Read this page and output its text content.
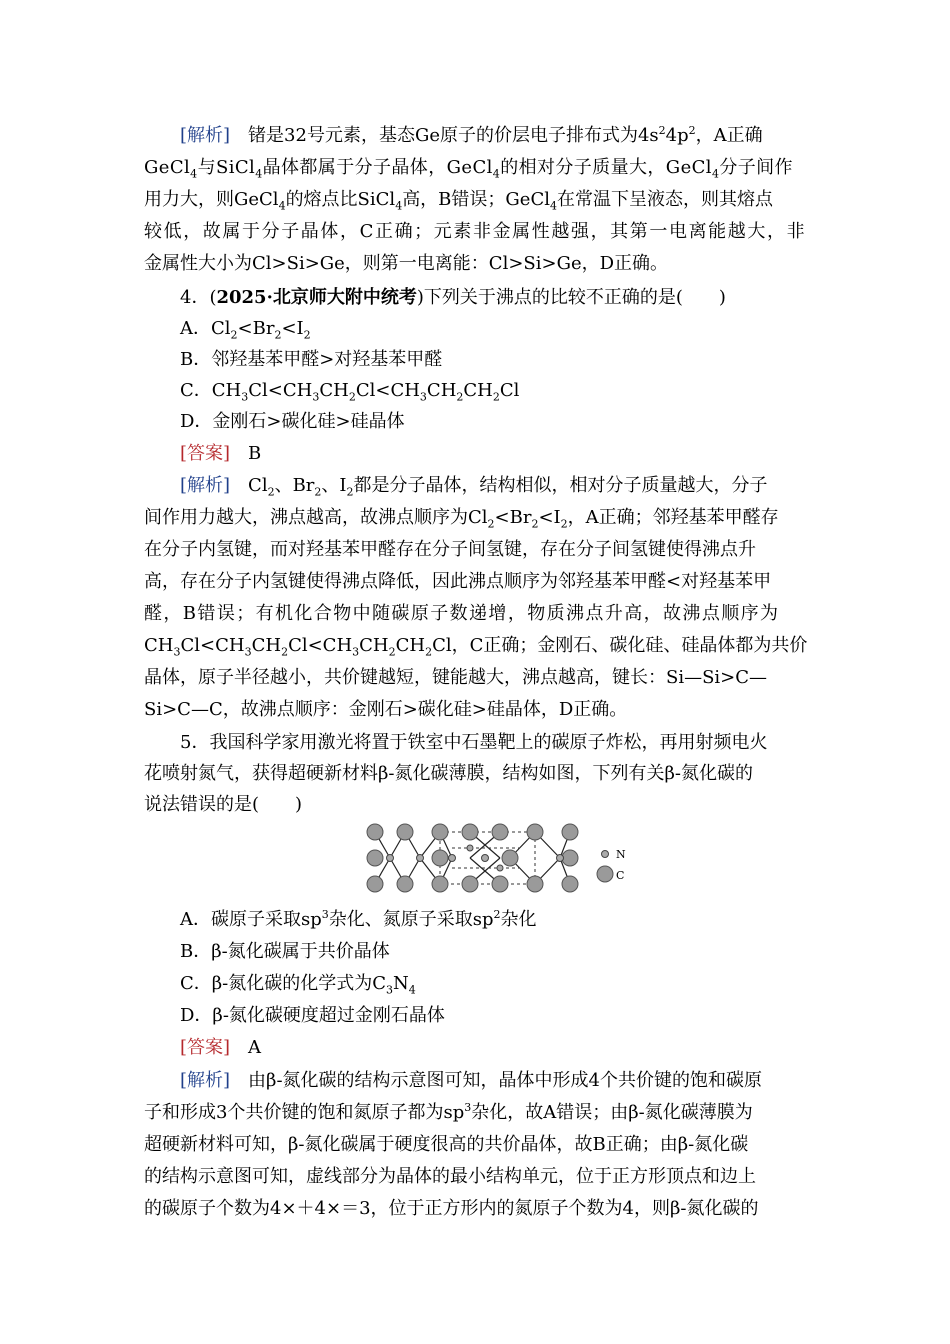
[解析]　 锗是32号元素，基态Ge原子的价层电子排布式为$4s^24p^2$，A正确
GeCl$_4$与SiCl$_4$晶体都属于分子晶体，GeCl$_4$的相对分子质量大，GeCl$_4$分子间作
用力大，则GeCl$_4$的熔点比SiCl$_4$高，B错误；GeCl$_4$在常温下呈液态，则其熔点
较低，故属于分子晶体，C正确；元素非金属性越强，其第一电离能越大，非
金属性大小为Cl>Si>Ge，则第一电离能：Cl>Si>Ge，D正确。
4．(2025·北京师大附中统考)下列关于沸点的比较不正确的是(　　)
A．$Cl_2<Br_2<I_2$
B．邻羟基苯甲醛>对羟基苯甲醛
C．$CH_3Cl<CH_3CH_2Cl<CH_3CH_2CH_2Cl$
D．金刚石>碳化硅>硅晶体
[答案]　 B
[解析]　 $Cl_2$、$Br_2$、$I_2$都是分子晶体，结构相似，相对分子质量越大，分子
间作用力越大，沸点越高，故沸点顺序为$Cl_2<Br_2<I_2$，A正确；邻羟基苯甲醛存
在分子内氢键，而对羟基苯甲醛存在分子间氢键，存在分子间氢键使得沸点升
高，存在分子内氢键使得沸点降低，因此沸点顺序为邻羟基苯甲醛<对羟基苯甲
醛，B错误；有机化合物中随碳原子数递增，物质沸点升高，故沸点顺序为
$CH_3Cl<CH_3CH_2Cl<CH_3CH_2CH_2Cl$，C正确；金刚石、碳化硅、硅晶体都为共价
晶体，原子半径越小，共价键越短，键能越大，沸点越高，键长：Si—Si>C—
Si>C—C，故沸点顺序：金刚石>碳化硅>硅晶体，D正确。
5．我国科学家用激光将置于铁室中石墨靶上的碳原子炸松，再用射频电火
花喷射氮气，获得超硬新材料β-氮化碳薄膜，结构如图，下列有关β-氮化碳的
说法错误的是(　　)
N
C
A．碳原子采取$sp^3$杂化、氮原子采取$sp^2$杂化
B．β-氮化碳属于共价晶体
C．β-氮化碳的化学式为$C_3N_4$
D．β-氮化碳硬度超过金刚石晶体
[答案]　 A
[解析]　 由β-氮化碳的结构示意图可知，晶体中形成4个共价键的饱和碳原
子和形成3个共价键的饱和氮原子都为$sp^3$杂化，故A错误；由β-氮化碳薄膜为
超硬新材料可知，β-氮化碳属于硬度很高的共价晶体，故B正确；由β-氮化碳
的结构示意图可知，虚线部分为晶体的最小结构单元，位于正方形顶点和边上
的碳原子个数为4×＋4×＝3，位于正方形内的氮原子个数为4，则β-氮化碳的
